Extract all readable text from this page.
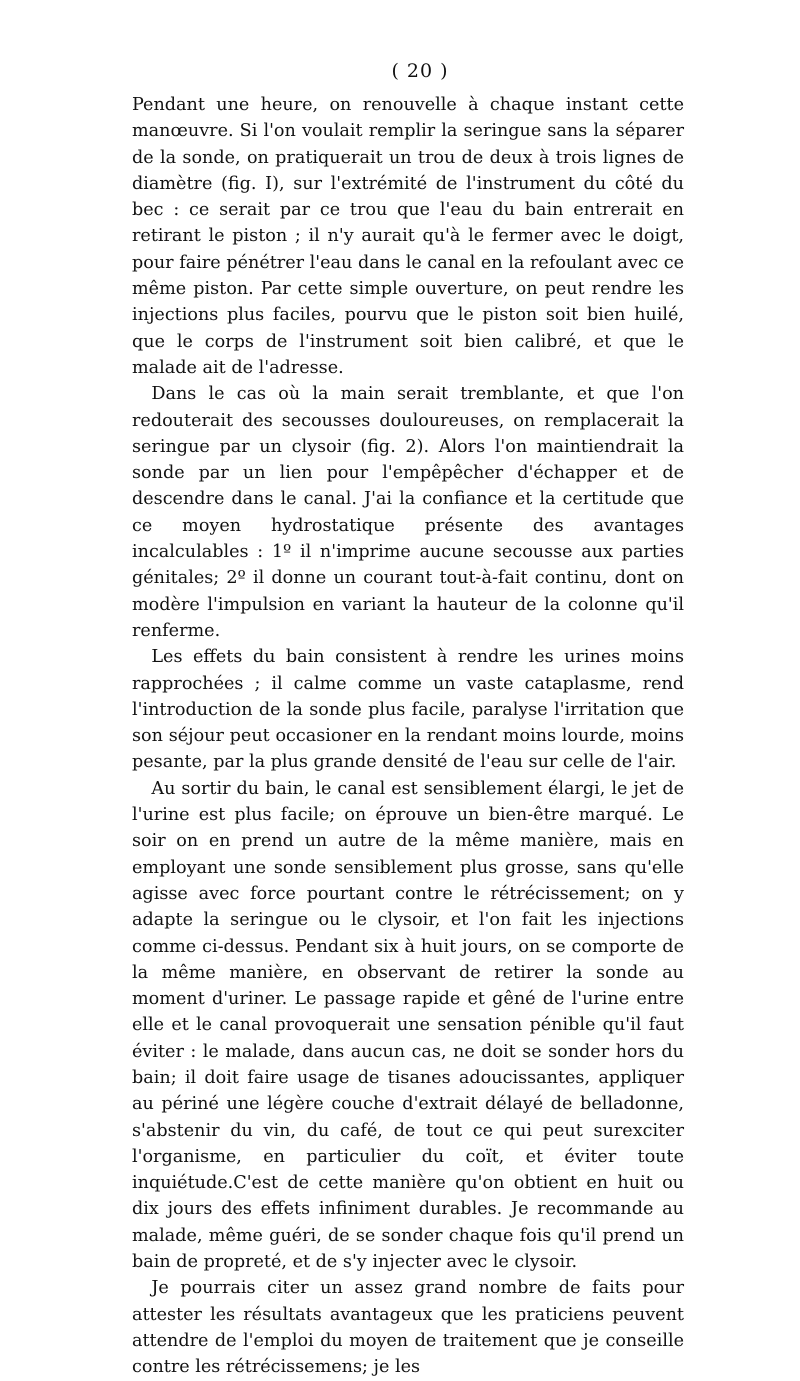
( 20 )

Pendant une heure, on renouvelle à chaque instant cette manœuvre. Si l'on voulait remplir la seringue sans la séparer de la sonde, on pratiquerait un trou de deux à trois lignes de diamètre (fig. I), sur l'extrémité de l'instrument du côté du bec : ce serait par ce trou que l'eau du bain entrerait en retirant le piston ; il n'y aurait qu'à le fermer avec le doigt, pour faire pénétrer l'eau dans le canal en la refoulant avec ce même piston. Par cette simple ouverture, on peut rendre les injections plus faciles, pourvu que le piston soit bien huilé, que le corps de l'instrument soit bien calibré, et que le malade ait de l'adresse.

Dans le cas où la main serait tremblante, et que l'on redouterait des secousses douloureuses, on remplacerait la seringue par un clysoir (fig. 2). Alors l'on maintiendrait la sonde par un lien pour l'empêpêcher d'échapper et de descendre dans le canal. J'ai la confiance et la certitude que ce moyen hydrostatique présente des avantages incalculables : 1º il n'imprime aucune secousse aux parties génitales; 2º il donne un courant tout-à-fait continu, dont on modère l'impulsion en variant la hauteur de la colonne qu'il renferme.

Les effets du bain consistent à rendre les urines moins rapprochées ; il calme comme un vaste cataplasme, rend l'introduction de la sonde plus facile, paralyse l'irritation que son séjour peut occasioner en la rendant moins lourde, moins pesante, par la plus grande densité de l'eau sur celle de l'air.

Au sortir du bain, le canal est sensiblement élargi, le jet de l'urine est plus facile; on éprouve un bien-être marqué. Le soir on en prend un autre de la même manière, mais en employant une sonde sensiblement plus grosse, sans qu'elle agisse avec force pourtant contre le rétrécissement; on y adapte la seringue ou le clysoir, et l'on fait les injections comme ci-dessus. Pendant six à huit jours, on se comporte de la même manière, en observant de retirer la sonde au moment d'uriner. Le passage rapide et gêné de l'urine entre elle et le canal provoquerait une sensation pénible qu'il faut éviter : le malade, dans aucun cas, ne doit se sonder hors du bain; il doit faire usage de tisanes adoucissantes, appliquer au périné une légère couche d'extrait délayé de belladonne, s'abstenir du vin, du café, de tout ce qui peut surexciter l'organisme, en particulier du coït, et éviter toute inquiétude.C'est de cette manière qu'on obtient en huit ou dix jours des effets infiniment durables. Je recommande au malade, même guéri, de se sonder chaque fois qu'il prend un bain de propreté, et de s'y injecter avec le clysoir.

Je pourrais citer un assez grand nombre de faits pour attester les résultats avantageux que les praticiens peuvent attendre de l'emploi du moyen de traitement que je conseille contre les rétrécissemens; je les
